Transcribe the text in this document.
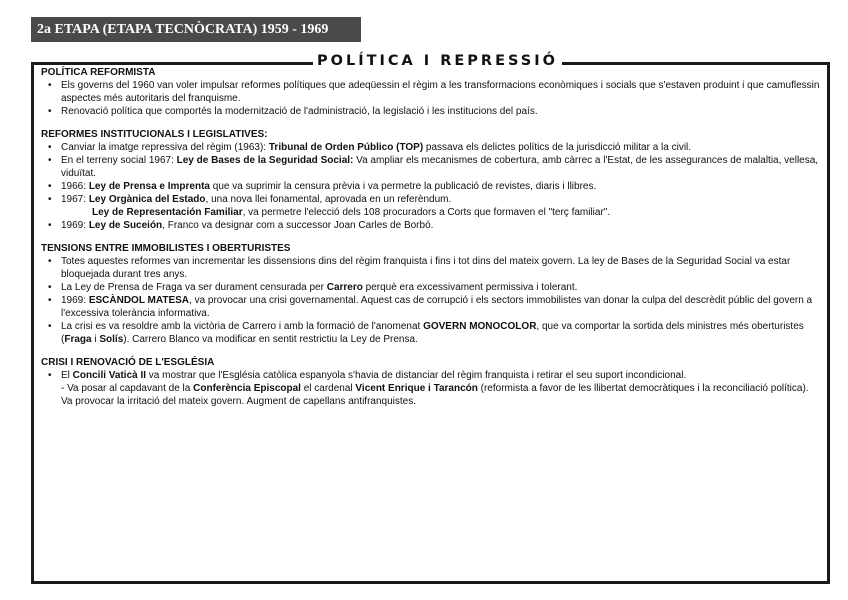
2a ETAPA (ETAPA TECNÒCRATA) 1959 - 1969
POLÍTICA I REPRESSIÓ
POLÍTICA REFORMISTA
• Els governs del 1960 van voler impulsar reformes polítiques que adeqüessin el règim a les transformacions econòmiques i socials que s'estaven produint i que camuflessin aspectes més autoritaris del franquisme.
• Renovació política que comportés la modernització de l'administració, la legislació i les institucions del país.
REFORMES INSTITUCIONALS I LEGISLATIVES:
• Canviar la imatge repressiva del règim (1963): Tribunal de Orden Público (TOP) passava els delictes polítics de la jurisdicció militar a la civil.
• En el terreny social 1967: Ley de Bases de la Seguridad Social: Va ampliar els mecanismes de cobertura, amb càrrec a l'Estat, de les assegurances de malaltia, vellesa, viduïtat.
• 1966: Ley de Prensa e Imprenta que va suprimir la censura prèvia i va permetre la publicació de revistes, diaris i llibres.
• 1967: Ley Orgànica del Estado, una nova llei fonamental, aprovada en un referèndum.
Ley de Representación Familiar, va permetre l'elecció dels 108 procuradors a Corts que formaven el "terç familiar".
• 1969: Ley de Suceión, Franco va designar com a successor Joan Carles de Borbó.
TENSIONS ENTRE IMMOBILISTES I OBERTURISTES
• Totes aquestes reformes van incrementar les dissensions dins del règim franquista i fins i tot dins del mateix govern. La ley de Bases de la Seguridad Social va estar bloquejada durant tres anys.
• La Ley de Prensa de Fraga va ser durament censurada per Carrero perquè era excessivament permissiva i tolerant.
• 1969: ESCÀNDOL MATESA, va provocar una crisi governamental. Aquest cas de corrupció i els sectors immobilistes van donar la culpa del descrèdit públic del govern a l'excessiva tolerància informativa.
• La crisi es va resoldre amb la victòria de Carrero i amb la formació de l'anomenat GOVERN MONOCOLOR, que va comportar la sortida dels ministres més oberturistes (Fraga i Solís). Carrero Blanco va modificar en sentit restrictiu la Ley de Prensa.
CRISI I RENOVACIÓ DE L'ESGLÉSIA
• El Concili Vaticà II va mostrar que l'Església catòlica espanyola s'havia de distanciar del règim franquista i retirar el seu suport incondicional.
- Va posar al capdavant de la Conferència Episcopal el cardenal Vicent Enrique i Tarancón (reformista a favor de les llibertat democràtiques i la reconciliació política). Va provocar la irritació del mateix govern. Augment de capellans antifranquistes.
